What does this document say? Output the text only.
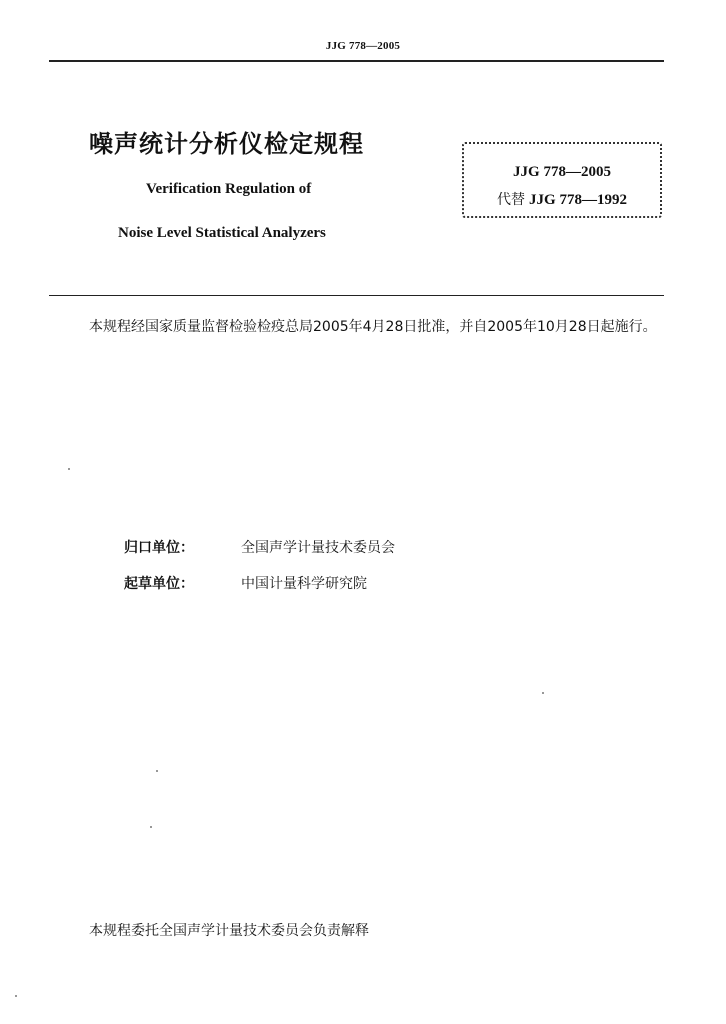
JJG 778—2005
噪声统计分析仪检定规程
Verification Regulation of
Noise Level Statistical Analyzers
JJG 778—2005
代替 JJG 778—1992
本规程经国家质量监督检验检疫总局2005年4月28日批准，并自2005年10月28日起施行。
归口单位：	全国声学计量技术委员会
起草单位：	中国计量科学研究院
本规程委托全国声学计量技术委员会负责解释
